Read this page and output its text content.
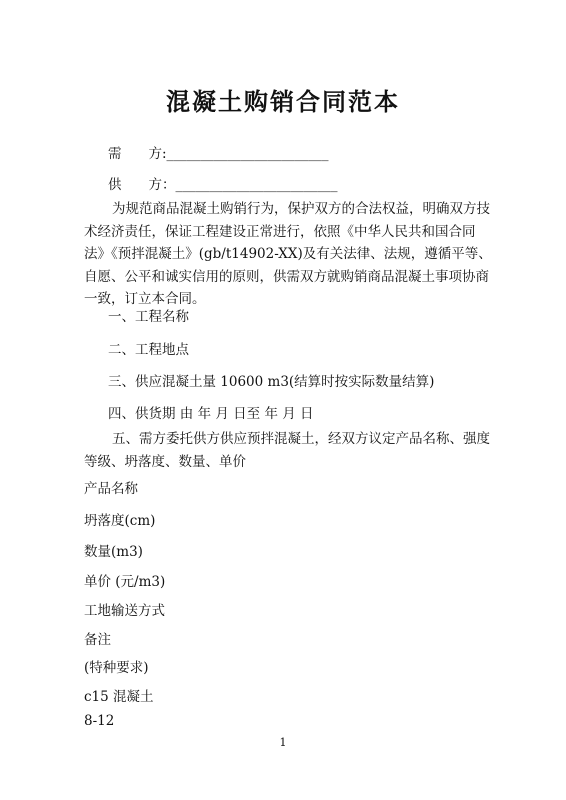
混凝土购销合同范本
需　　方:________________________
供　　方：________________________
为规范商品混凝土购销行为，保护双方的合法权益，明确双方技术经济责任，保证工程建设正常进行，依照《中华人民共和国合同法》《预拌混凝土》(gb/t14902-XX)及有关法律、法规，遵循平等、自愿、公平和诚实信用的原则，供需双方就购销商品混凝土事项协商一致，订立本合同。
一、工程名称
二、工程地点
三、供应混凝土量 10600 m3(结算时按实际数量结算)
四、供货期 由 年 月 日至 年 月 日
五、需方委托供方供应预拌混凝土，经双方议定产品名称、强度等级、坍落度、数量、单价
产品名称
坍落度(cm)
数量(m3)
单价 (元/m3)
工地输送方式
备注
(特种要求)
c15 混凝土
8-12
1
